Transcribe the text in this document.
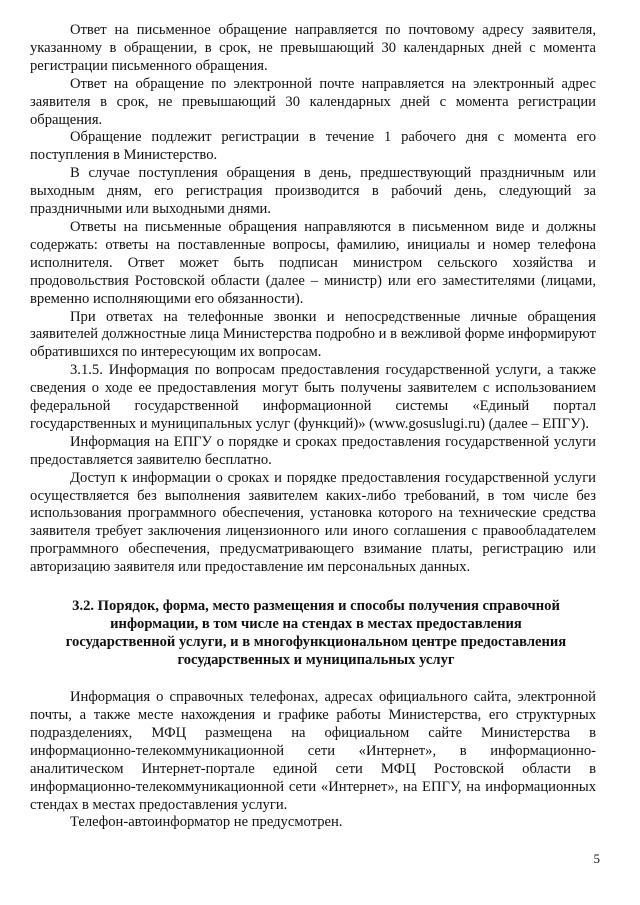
Ответ на письменное обращение направляется по почтовому адресу заявителя, указанному в обращении, в срок, не превышающий 30 календарных дней с момента регистрации письменного обращения.

Ответ на обращение по электронной почте направляется на электронный адрес заявителя в срок, не превышающий 30 календарных дней с момента регистрации обращения.

Обращение подлежит регистрации в течение 1 рабочего дня с момента его поступления в Министерство.

В случае поступления обращения в день, предшествующий праздничным или выходным дням, его регистрация производится в рабочий день, следующий за праздничными или выходными днями.

Ответы на письменные обращения направляются в письменном виде и должны содержать: ответы на поставленные вопросы, фамилию, инициалы и номер телефона исполнителя. Ответ может быть подписан министром сельского хозяйства и продовольствия Ростовской области (далее – министр) или его заместителями (лицами, временно исполняющими его обязанности).

При ответах на телефонные звонки и непосредственные личные обращения заявителей должностные лица Министерства подробно и в вежливой форме информируют обратившихся по интересующим их вопросам.

3.1.5. Информация по вопросам предоставления государственной услуги, а также сведения о ходе ее предоставления могут быть получены заявителем с использованием федеральной государственной информационной системы «Единый портал государственных и муниципальных услуг (функций)» (www.gosuslugi.ru) (далее – ЕПГУ).

Информация на ЕПГУ о порядке и сроках предоставления государственной услуги предоставляется заявителю бесплатно.

Доступ к информации о сроках и порядке предоставления государственной услуги осуществляется без выполнения заявителем каких-либо требований, в том числе без использования программного обеспечения, установка которого на технические средства заявителя требует заключения лицензионного или иного соглашения с правообладателем программного обеспечения, предусматривающего взимание платы, регистрацию или авторизацию заявителя или предоставление им персональных данных.

3.2. Порядок, форма, место размещения и способы получения справочной информации, в том числе на стендах в местах предоставления государственной услуги, и в многофункциональном центре предоставления государственных и муниципальных услуг

Информация о справочных телефонах, адресах официального сайта, электронной почты, а также месте нахождения и графике работы Министерства, его структурных подразделениях, МФЦ размещена на официальном сайте Министерства в информационно-телекоммуникационной сети «Интернет», в информационно-аналитическом Интернет-портале единой сети МФЦ Ростовской области в информационно-телекоммуникационной сети «Интернет», на ЕПГУ, на информационных стендах в местах предоставления услуги.

Телефон-автоинформатор не предусмотрен.

5
